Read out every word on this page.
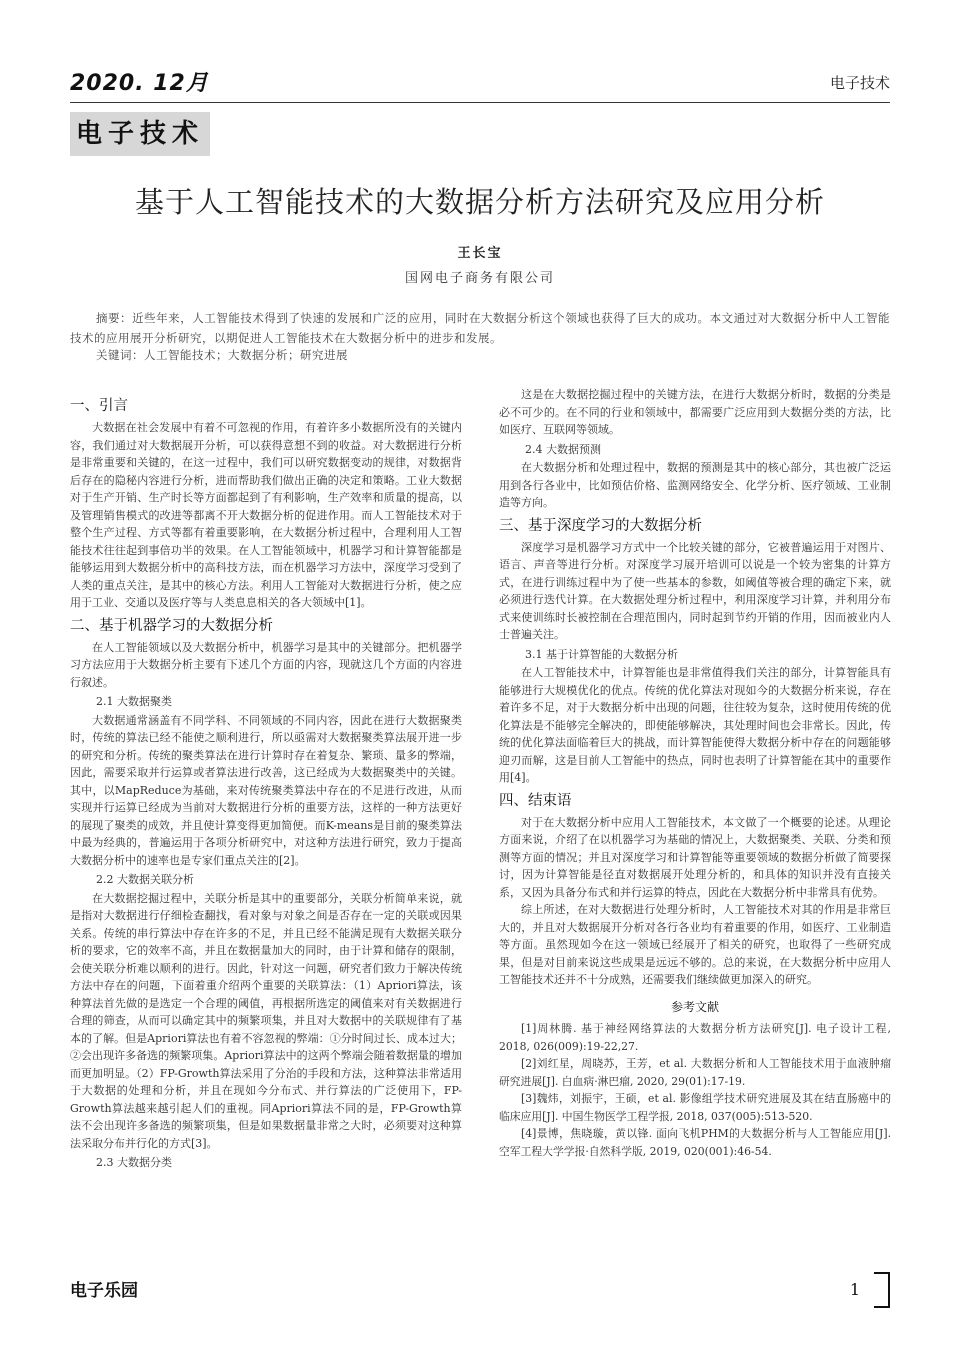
2020. 12月	电子技术
电子技术
基于人工智能技术的大数据分析方法研究及应用分析
王长宝
国网电子商务有限公司
摘要：近些年来，人工智能技术得到了快速的发展和广泛的应用，同时在大数据分析这个领域也获得了巨大的成功。本文通过对大数据分析中人工智能技术的应用展开分析研究，以期促进人工智能技术在大数据分析中的进步和发展。
关键词：人工智能技术；大数据分析；研究进展
一、引言

大数据在社会发展中有着不可忽视的作用，有着许多小数据所没有的关键内容，我们通过对大数据展开分析，可以获得意想不到的收益。对大数据进行分析是非常重要和关键的，在这一过程中，我们可以研究数据变动的规律，对数据背后存在的隐秘内容进行分析，进而帮助我们做出正确的决定和策略。工业大数据对于生产开销、生产时长等方面都起到了有利影响，生产效率和质量的提高，以及管理销售模式的改进等都离不开大数据分析的促进作用。而人工智能技术对于整个生产过程、方式等都有着重要影响，在大数据分析过程中，合理利用人工智能技术往往起到事倍功半的效果。在人工智能领域中，机器学习和计算智能都是能够运用到大数据分析中的高科技方法，而在机器学习方法中，深度学习受到了人类的重点关注，是其中的核心方法。利用人工智能对大数据进行分析，使之应用于工业、交通以及医疗等与人类息息相关的各大领域中[1]。

二、基于机器学习的大数据分析

在人工智能领域以及大数据分析中，机器学习是其中的关键部分。把机器学习方法应用于大数据分析主要有下述几个方面的内容，现就这几个方面的内容进行叙述。

2.1 大数据聚类

大数据通常涵盖有不同学科、不同领域的不同内容，因此在进行大数据聚类时，传统的算法已经不能使之顺利进行，所以亟需对大数据聚类算法展开进一步的研究和分析。传统的聚类算法在进行计算时存在着复杂、繁琐、量多的弊端，因此，需要采取并行运算或者算法进行改善，这已经成为大数据聚类中的关键。其中，以MapReduce为基础，来对传统聚类算法中存在的不足进行改进，从而实现并行运算已经成为当前对大数据进行分析的重要方法，这样的一种方法更好的展现了聚类的成效，并且使计算变得更加简便。而K-means是目前的聚类算法中最为经典的，普遍运用于各项分析研究中，对这种方法进行研究，致力于提高大数据分析中的速率也是专家们重点关注的[2]。

2.2 大数据关联分析

在大数据挖掘过程中，关联分析是其中的重要部分，关联分析简单来说，就是指对大数据进行仔细检查翻找，看对象与对象之间是否存在一定的关联或因果关系。传统的串行算法中存在许多的不足，并且已经不能满足现有大数据关联分析的要求，它的效率不高，并且在数据量加大的同时，由于计算和储存的限制，会使关联分析难以顺利的进行。因此，针对这一问题，研究者们致力于解决传统方法中存在的问题，下面着重介绍两个重要的关联算法：（1）Apriori算法，该种算法首先做的是选定一个合理的阈值，再根据所选定的阈值来对有关数据进行合理的筛查，从而可以确定其中的频繁项集，并且对大数据中的关联规律有了基本的了解。但是Apriori算法也有着不容忽视的弊端：①分时间过长、成本过大；②会出现许多备选的频繁项集。Apriori算法中的这两个弊端会随着数据量的增加而更加明显。（2）FP-Growth算法采用了分治的手段和方法，这种算法非常适用于大数据的处理和分析，并且在现如今分布式、并行算法的广泛使用下，FP-Growth算法越来越引起人们的重视。同Apriori算法不同的是，FP-Growth算法不会出现许多备选的频繁项集，但是如果数据量非常之大时，必须要对这种算法采取分布并行化的方式[3]。

2.3 大数据分类

这是在大数据挖掘过程中的关键方法，在进行大数据分析时，数据的分类是必不可少的。在不同的行业和领域中，都需要广泛应用到大数据分类的方法，比如医疗、互联网等领域。

2.4 大数据预测

在大数据分析和处理过程中，数据的预测是其中的核心部分，其也被广泛运用到各行各业中，比如预估价格、监测网络安全、化学分析、医疗领域、工业制造等方向。

三、基于深度学习的大数据分析

深度学习是机器学习方式中一个比较关键的部分，它被普遍运用于对图片、语言、声音等进行分析。对深度学习展开培训可以说是一个较为密集的计算方式，在进行训练过程中为了使一些基本的参数，如阈值等被合理的确定下来，就必须进行迭代计算。在大数据处理分析过程中，利用深度学习计算，并利用分布式来使训练时长被控制在合理范围内，同时起到节约开销的作用，因而被业内人士普遍关注。

3.1 基于计算智能的大数据分析

在人工智能技术中，计算智能也是非常值得我们关注的部分，计算智能具有能够进行大规模优化的优点。传统的优化算法对现如今的大数据分析来说，存在着许多不足，对于大数据分析中出现的问题，往往较为复杂，这时使用传统的优化算法是不能够完全解决的，即使能够解决，其处理时间也会非常长。因此，传统的优化算法面临着巨大的挑战，而计算智能使得大数据分析中存在的问题能够迎刃而解，这是目前人工智能中的热点，同时也表明了计算智能在其中的重要作用[4]。

四、结束语

对于在大数据分析中应用人工智能技术，本文做了一个概要的论述。从理论方面来说，介绍了在以机器学习为基础的情况上，大数据聚类、关联、分类和预测等方面的情况；并且对深度学习和计算智能等重要领域的数据分析做了简要探讨，因为计算智能是径直对数据展开处理分析的，和具体的知识并没有直接关系，又因为具备分布式和并行运算的特点，因此在大数据分析中非常具有优势。

综上所述，在对大数据进行处理分析时，人工智能技术对其的作用是非常巨大的，并且对大数据展开分析对各行各业均有着重要的作用，如医疗、工业制造等方面。虽然现如今在这一领域已经展开了相关的研究，也取得了一些研究成果，但是对目前来说这些成果是远远不够的。总的来说，在大数据分析中应用人工智能技术还并不十分成熟，还需要我们继续做更加深入的研究。

参考文献

[1]周林腾. 基于神经网络算法的大数据分析方法研究[J]. 电子设计工程, 2018, 026(009):19-22,27.

[2]刘红星，周晓苏，王芳，et al. 大数据分析和人工智能技术用于血液肿瘤研究进展[J]. 白血病·淋巴瘤, 2020, 29(01):17-19.

[3]魏炜，刘振宇，王硕，et al. 影像组学技术研究进展及其在结直肠癌中的临床应用[J]. 中国生物医学工程学报, 2018, 037(005):513-520.

[4]景博，焦晓璇，黄以锋. 面向飞机PHM的大数据分析与人工智能应用[J]. 空军工程大学学报·自然科学版, 2019, 020(001):46-54.

电子乐园	1
